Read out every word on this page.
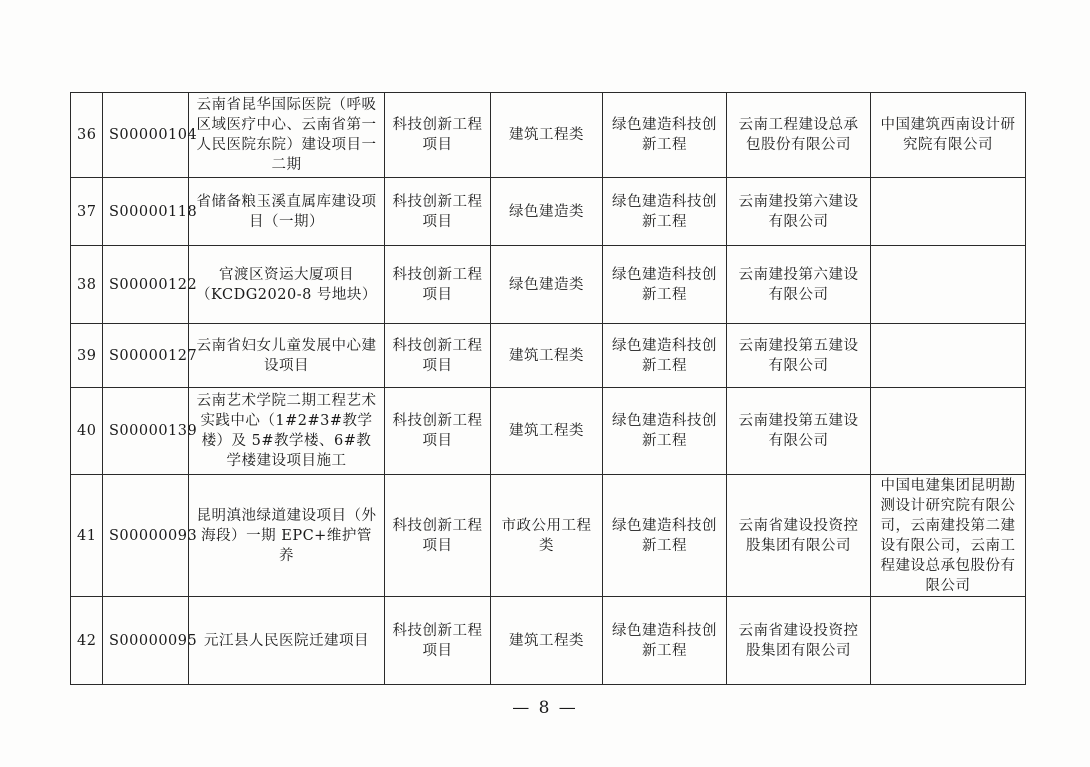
36	S00000104	云南省昆华国际医院（呼吸区域医疗中心、云南省第一人民医院东院）建设项目一二期	科技创新工程项目	建筑工程类	绿色建造科技创新工程	云南工程建设总承包股份有限公司	中国建筑西南设计研究院有限公司
37	S00000118	省储备粮玉溪直属库建设项目（一期）	科技创新工程项目	绿色建造类	绿色建造科技创新工程	云南建投第六建设有限公司	
38	S00000122	官渡区资运大厦项目（KCDG2020-8 号地块）	科技创新工程项目	绿色建造类	绿色建造科技创新工程	云南建投第六建设有限公司	
39	S00000127	云南省妇女儿童发展中心建设项目	科技创新工程项目	建筑工程类	绿色建造科技创新工程	云南建投第五建设有限公司	
40	S00000139	云南艺术学院二期工程艺术实践中心（1#2#3#教学楼）及 5#教学楼、6#教学楼建设项目施工	科技创新工程项目	建筑工程类	绿色建造科技创新工程	云南建投第五建设有限公司	
41	S00000093	昆明滇池绿道建设项目（外海段）一期 EPC+维护管养	科技创新工程项目	市政公用工程类	绿色建造科技创新工程	云南省建设投资控股集团有限公司	中国电建集团昆明勘测设计研究院有限公司，云南建投第二建设有限公司，云南工程建设总承包股份有限公司
42	S00000095	元江县人民医院迁建项目	科技创新工程项目	建筑工程类	绿色建造科技创新工程	云南省建设投资控股集团有限公司	
— 8 —
